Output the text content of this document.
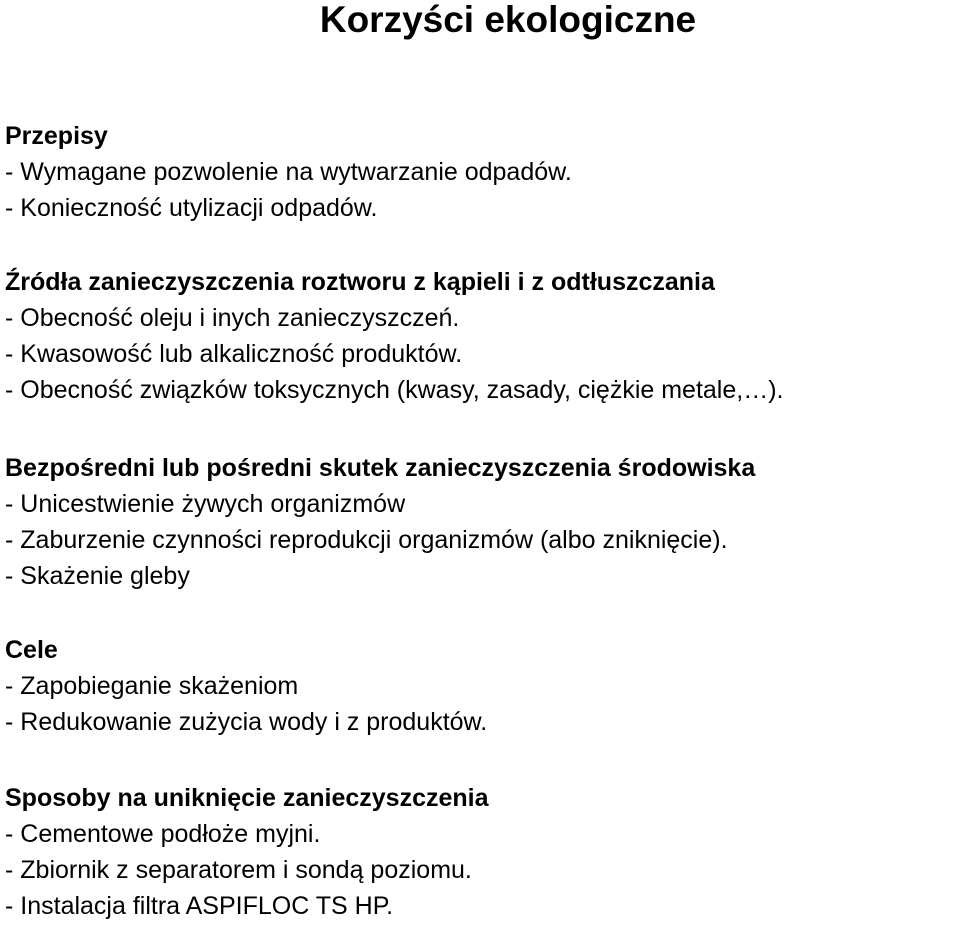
Korzyści ekologiczne
Przepisy
- Wymagane pozwolenie na wytwarzanie odpadów.
- Konieczność utylizacji odpadów.
Źródła zanieczyszczenia roztworu z kąpieli i z odtłuszczania
- Obecność oleju i inych zanieczyszczeń.
- Kwasowość lub alkaliczność produktów.
- Obecność związków toksycznych (kwasy, zasady, ciężkie metale,…).
Bezpośredni lub pośredni skutek zanieczyszczenia środowiska
- Unicestwienie żywych organizmów
- Zaburzenie czynności reprodukcji organizmów (albo zniknięcie).
- Skażenie gleby
Cele
- Zapobieganie skażeniom
- Redukowanie zużycia wody i z produktów.
Sposoby na uniknięcie zanieczyszczenia
- Cementowe podłoże myjni.
- Zbiornik z separatorem i sondą poziomu.
- Instalacja filtra ASPIFLOC TS HP.
